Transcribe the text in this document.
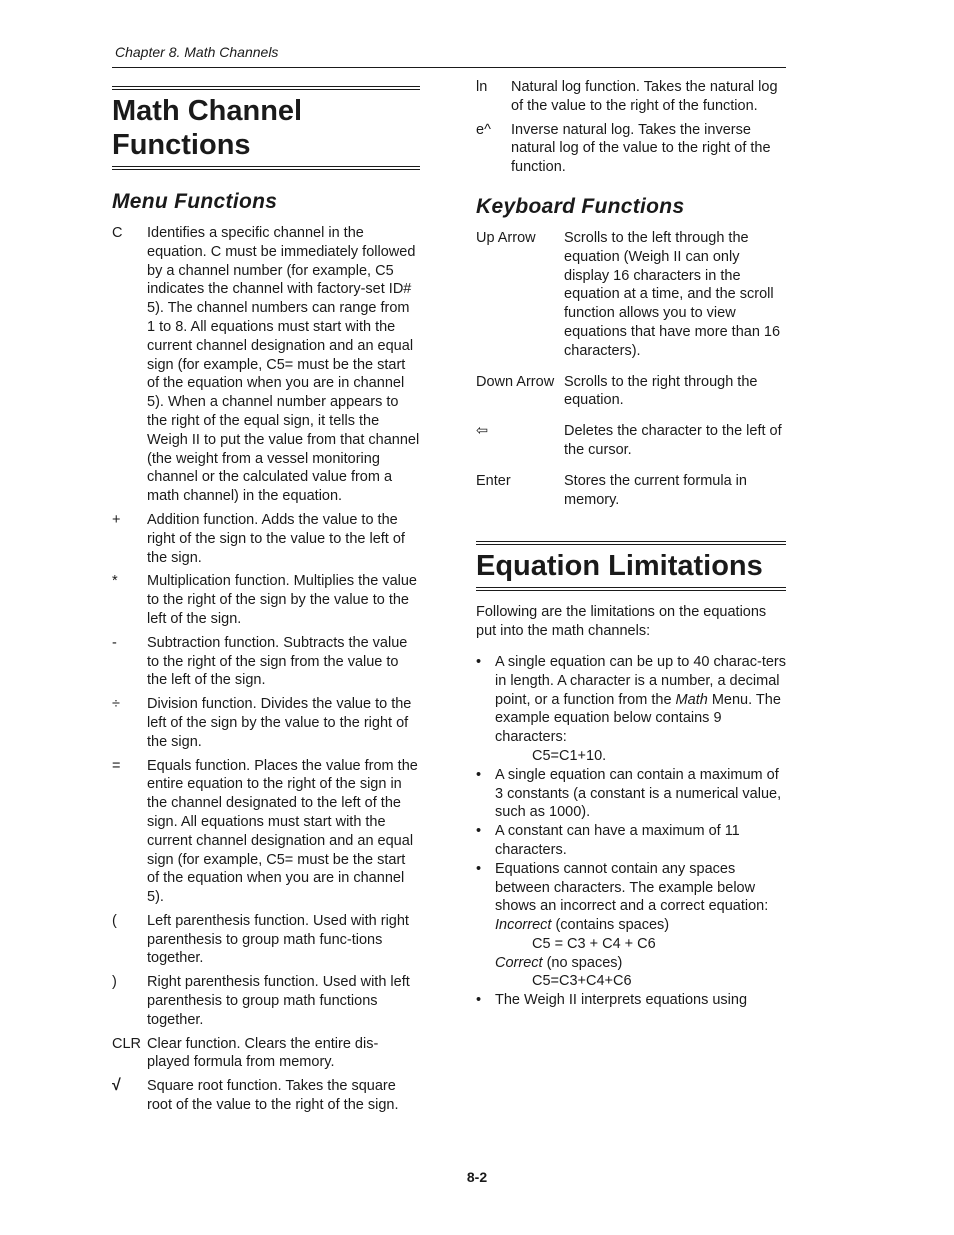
Chapter 8. Math Channels
Math Channel
Functions
Menu Functions
C	Identifies a specific channel in the equation. C must be immediately followed by a channel number (for example, C5 indicates the channel with factory-set ID# 5). The channel numbers can range from 1 to 8. All equations must start with the current channel designation and an equal sign (for example, C5= must be the start of the equation when you are in channel 5). When a channel number appears to the right of the equal sign, it tells the Weigh II to put the value from that channel (the weight from a vessel monitoring channel or the calculated value from a math channel) in the equation.
+	Addition function. Adds the value to the right of the sign to the value to the left of the sign.
*	Multiplication function. Multiplies the value to the right of the sign by the value to the left of the sign.
-	Subtraction function. Subtracts the value to the right of the sign from the value to the left of the sign.
÷	Division function. Divides the value to the left of the sign by the value to the right of the sign.
=	Equals function. Places the value from the entire equation to the right of the sign in the channel designated to the left of the sign. All equations must start with the current channel designation and an equal sign (for example, C5= must be the start of the equation when you are in channel 5).
(	Left parenthesis function. Used with right parenthesis to group math func-tions together.
)	Right parenthesis function. Used with left parenthesis to group math functions together.
CLR Clear function. Clears the entire dis-played formula from memory.
√	Square root function. Takes the square root of the value to the right of the sign.
ln	Natural log function. Takes the natural log of the value to the right of the function.
e^	Inverse natural log. Takes the inverse natural log of the value to the right of the function.
Keyboard Functions
Up Arrow	Scrolls to the left through the equation (Weigh II can only display 16 characters in the equation at a time, and the scroll function allows you to view equations that have more than 16 characters).
Down Arrow Scrolls to the right through the equation.
⇦	Deletes the character to the left of the cursor.
Enter	Stores the current formula in memory.
Equation Limitations
Following are the limitations on the equations put into the math channels:
• A single equation can be up to 40 charac-ters in length. A character is a number, a decimal point, or a function from the Math Menu. The example equation below contains 9 characters:
C5=C1+10.
• A single equation can contain a maximum of 3 constants (a constant is a numerical value, such as 1000).
• A constant can have a maximum of 11 characters.
• Equations cannot contain any spaces between characters. The example below shows an incorrect and a correct equation:
Incorrect (contains spaces)
C5 = C3 + C4 + C6
Correct (no spaces)
C5=C3+C4+C6
• The Weigh II interprets equations using
8-2
